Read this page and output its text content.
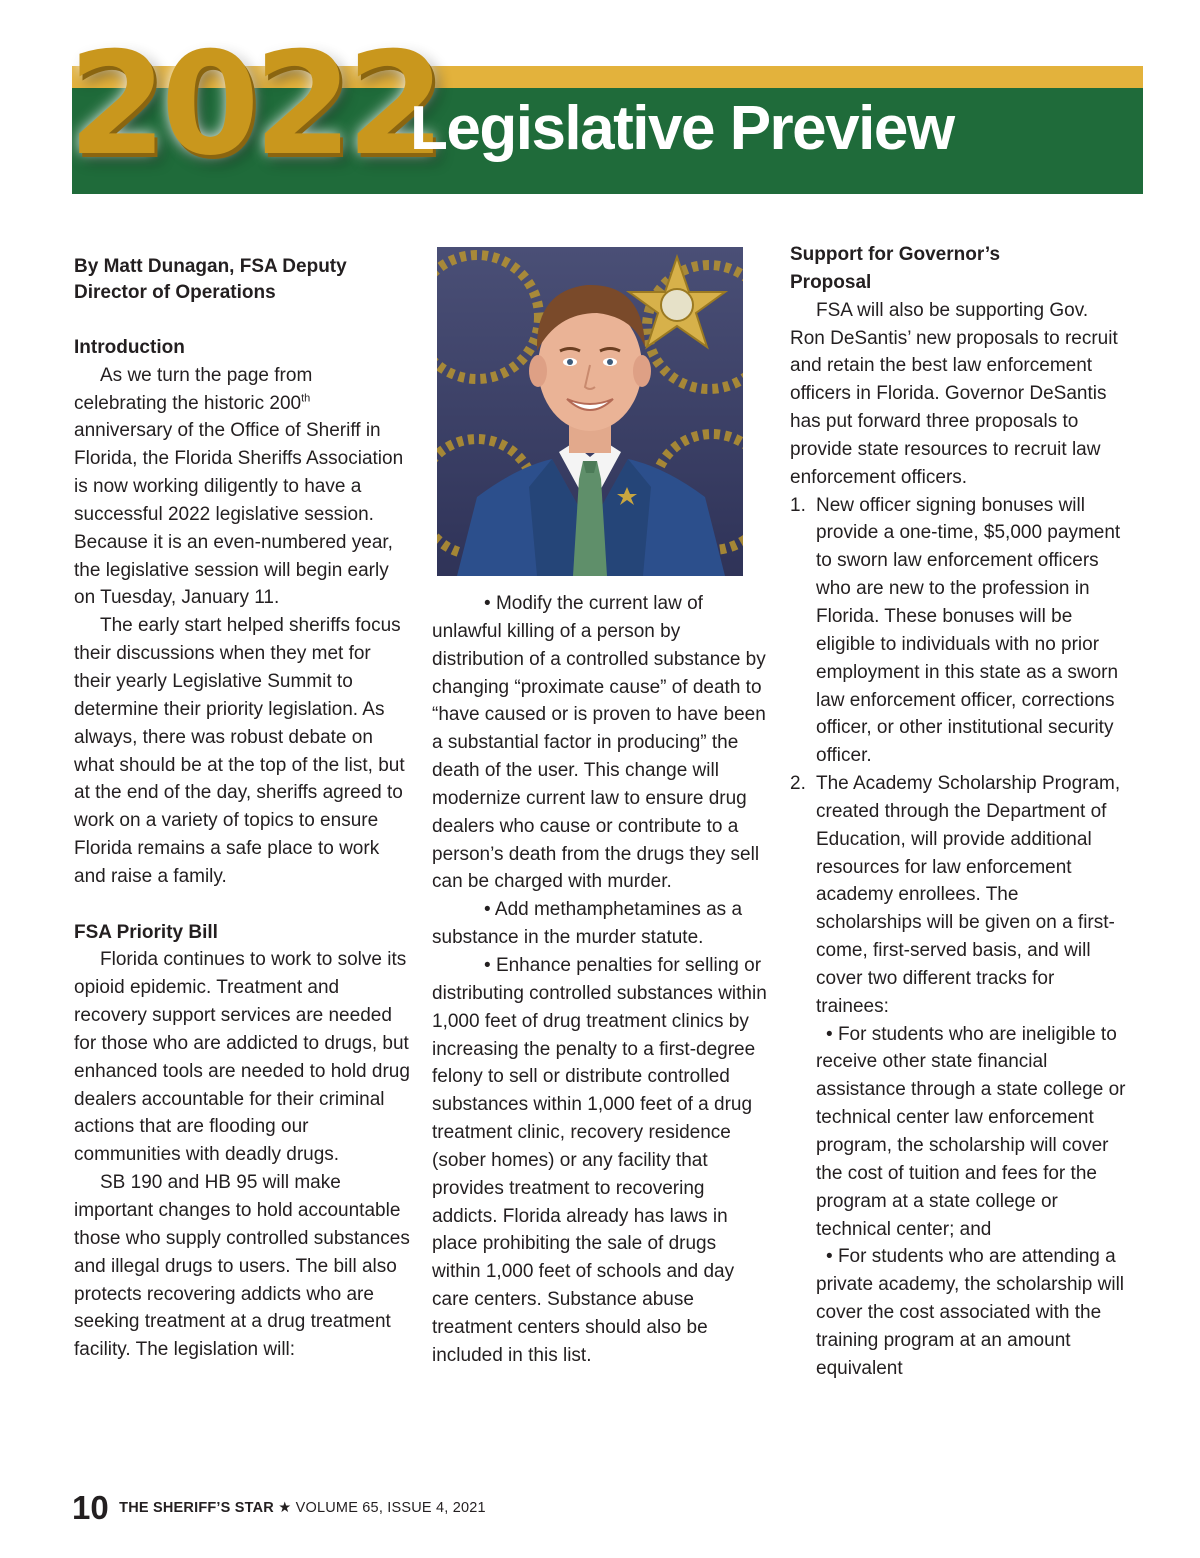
2022
Legislative Preview

By Matt Dunagan, FSA Deputy

Director of Operations

Introduction

As we turn the page from celebrating the historic 200th anniversary of the Office of Sheriff in Florida, the Florida Sheriffs Association is now working diligently to have a successful 2022 legislative session. Because it is an even-numbered year, the legislative session will begin early on Tuesday, January 11.

The early start helped sheriffs focus their discussions when they met for their yearly Legislative Summit to determine their priority legislation. As always, there was robust debate on what should be at the top of the list, but at the end of the day, sheriffs agreed to work on a variety of topics to ensure Florida remains a safe place to work and raise a family.

FSA Priority Bill

Florida continues to work to solve its opioid epidemic. Treatment and recovery support services are needed for those who are addicted to drugs, but enhanced tools are needed to hold drug dealers accountable for their criminal actions that are flooding our communities with deadly drugs.

SB 190 and HB 95 will make important changes to hold accountable those who supply controlled substances and illegal drugs to users. The bill also protects recovering addicts who are seeking treatment at a drug treatment facility. The legislation will:

• Modify the current law of unlawful killing of a person by distribution of a controlled substance by changing “proximate cause” of death to “have caused or is proven to have been a substantial factor in producing” the death of the user. This change will modernize current law to ensure drug dealers who cause or contribute to a person’s death from the drugs they sell can be charged with murder.

• Add methamphetamines as a substance in the murder statute.

• Enhance penalties for selling or distributing controlled substances within 1,000 feet of drug treatment clinics by increasing the penalty to a first-degree felony to sell or distribute controlled substances within 1,000 feet of a drug treatment clinic, recovery residence (sober homes) or any facility that provides treatment to recovering addicts. Florida already has laws in place prohibiting the sale of drugs within 1,000 feet of schools and day care centers. Substance abuse treatment centers should also be included in this list.

Support for Governor’s

Proposal

FSA will also be supporting Gov. Ron DeSantis’ new proposals to recruit and retain the best law enforcement officers in Florida. Governor DeSantis has put forward three proposals to provide state resources to recruit law enforcement officers.

1. New officer signing bonuses will provide a one-time, $5,000 payment to sworn law enforcement officers who are new to the profession in Florida. These bonuses will be eligible to individuals with no prior employment in this state as a sworn law enforcement officer, corrections officer, or other institutional security officer.
2. The Academy Scholarship Program, created through the Department of Education, will provide additional resources for law enforcement academy enrollees. The scholarships will be given on a first-come, first-served basis, and will cover two different tracks for trainees:
• For students who are ineligible to receive other state financial assistance through a state college or technical center law enforcement program, the scholarship will cover the cost of tuition and fees for the program at a state college or technical center; and
• For students who are attending a private academy, the scholarship will cover the cost associated with the training program at an amount equivalent
10 THE SHERIFF’S STAR ★ VOLUME 65, ISSUE 4, 2021
